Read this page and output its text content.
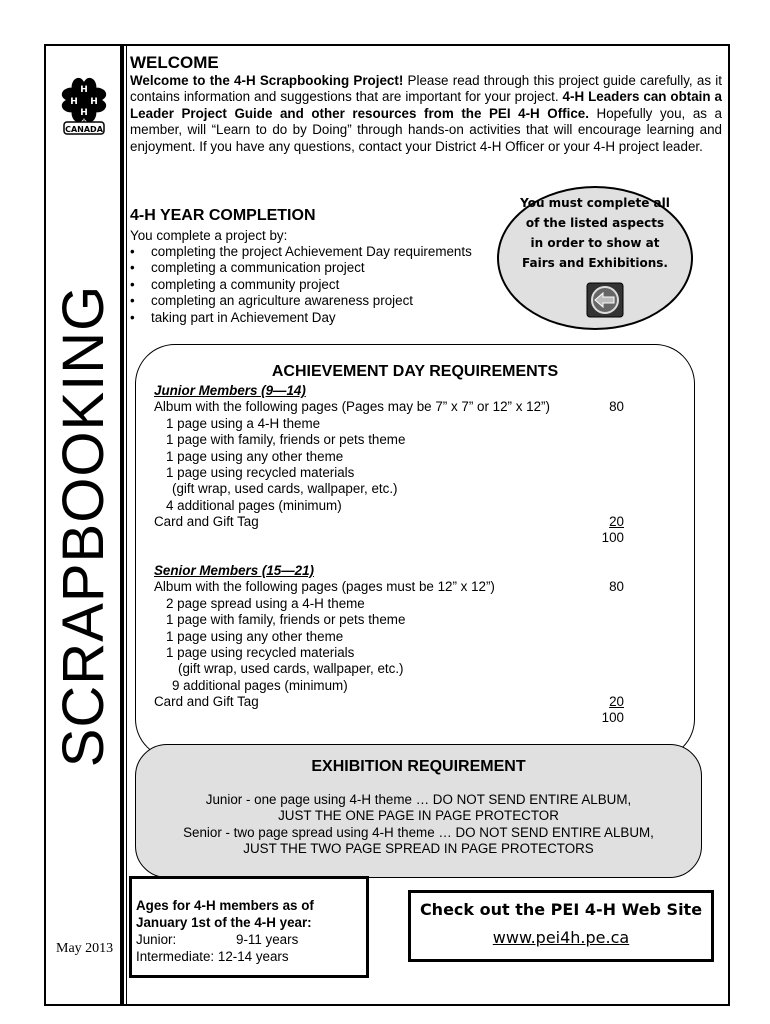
H
H H
H
CANADA
SCRAPBOOKING
May 2013
WELCOME
Welcome to the 4-H Scrapbooking Project! Please read through this project guide carefully, as it contains information and suggestions that are important for your project. 4-H Leaders can obtain a Leader Project Guide and other resources from the PEI 4-H Office. Hopefully you, as a member, will “Learn to do by Doing” through hands-on activities that will encourage learning and enjoyment. If you have any questions, contact your District 4-H Officer or your 4-H project leader.
4-H YEAR COMPLETION
You complete a project by:
• completing the project Achievement Day requirements
• completing a communication project
• completing a community project
• completing an agriculture awareness project
• taking part in Achievement Day
You must complete all of the listed aspects in order to show at Fairs and Exhibitions.
ACHIEVEMENT DAY REQUIREMENTS
Junior Members (9—14)
Album with the following pages (Pages may be 7” x 7” or 12” x 12”)
1 page using a 4-H theme
1 page with family, friends or pets theme
1 page using any other theme
1 page using recycled materials
(gift wrap, used cards, wallpaper, etc.)
4 additional pages (minimum)
Card and Gift Tag
80
20
100
Senior Members (15—21)
Album with the following pages (pages must be 12” x 12”)
2 page spread using a 4-H theme
1 page with family, friends or pets theme
1 page using any other theme
1 page using recycled materials
(gift wrap, used cards, wallpaper, etc.)
9 additional pages (minimum)
Card and Gift Tag
80
20
100
EXHIBITION REQUIREMENT
Junior - one page using 4-H theme … DO NOT SEND ENTIRE ALBUM,
JUST THE ONE PAGE IN PAGE PROTECTOR
Senior - two page spread using 4-H theme … DO NOT SEND ENTIRE ALBUM,
JUST THE TWO PAGE SPREAD IN PAGE PROTECTORS
Ages for 4-H members as of
January 1st of the 4-H year:
Junior:	9-11 years
Intermediate: 12-14 years
Check out the PEI 4-H Web Site
www.pei4h.pe.ca
